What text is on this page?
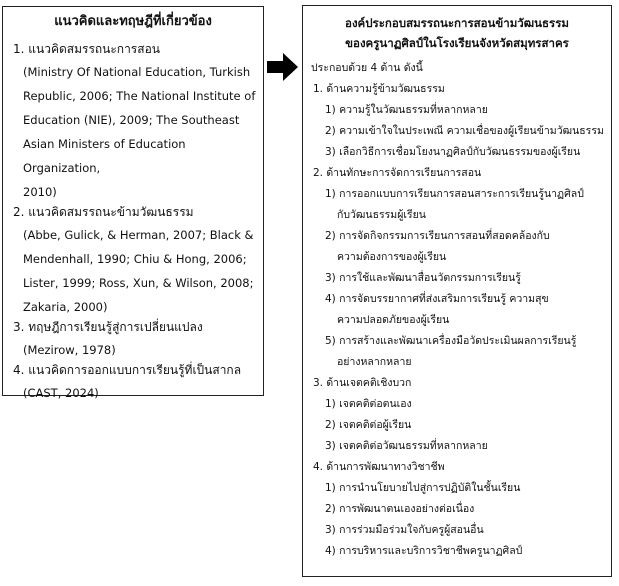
แนวคิดและทฤษฎีที่เกี่ยวข้อง
1. แนวคิดสมรรถนะการสอน
(Ministry Of National Education, Turkish
Republic, 2006; The National Institute of
Education (NIE), 2009; The Southeast
Asian Ministers of Education Organization,
2010)
2. แนวคิดสมรรถนะข้ามวัฒนธรรม
(Abbe, Gulick, & Herman, 2007; Black &
Mendenhall, 1990; Chiu & Hong, 2006;
Lister, 1999; Ross, Xun, & Wilson, 2008;
Zakaria, 2000)
3. ทฤษฎีการเรียนรู้สู่การเปลี่ยนแปลง
(Mezirow, 1978)
4. แนวคิดการออกแบบการเรียนรู้ที่เป็นสากล
(CAST, 2024)
องค์ประกอบสมรรถนะการสอนข้ามวัฒนธรรม
ของครูนาฏศิลป์ในโรงเรียนจังหวัดสมุทรสาคร
ประกอบด้วย 4 ด้าน ดังนี้
1. ด้านความรู้ข้ามวัฒนธรรม
1) ความรู้ในวัฒนธรรมที่หลากหลาย
2) ความเข้าใจในประเพณี ความเชื่อของผู้เรียนข้ามวัฒนธรรม
3) เลือกวิธีการเชื่อมโยงนาฏศิลป์กับวัฒนธรรมของผู้เรียน
2. ด้านทักษะการจัดการเรียนการสอน
1) การออกแบบการเรียนการสอนสาระการเรียนรู้นาฏศิลป์
กับวัฒนธรรมผู้เรียน
2) การจัดกิจกรรมการเรียนการสอนที่สอดคล้องกับ
ความต้องการของผู้เรียน
3) การใช้และพัฒนาสื่อนวัตกรรมการเรียนรู้
4) การจัดบรรยากาศที่ส่งเสริมการเรียนรู้ ความสุข
ความปลอดภัยของผู้เรียน
5) การสร้างและพัฒนาเครื่องมือวัดประเมินผลการเรียนรู้
อย่างหลากหลาย
3. ด้านเจตคติเชิงบวก
1) เจตคติต่อตนเอง
2) เจตคติต่อผู้เรียน
3) เจตคติต่อวัฒนธรรมที่หลากหลาย
4. ด้านการพัฒนาทางวิชาชีพ
1) การนำนโยบายไปสู่การปฏิบัติในชั้นเรียน
2) การพัฒนาตนเองอย่างต่อเนื่อง
3) การร่วมมือร่วมใจกับครูผู้สอนอื่น
4) การบริหารและบริการวิชาชีพครูนาฏศิลป์
